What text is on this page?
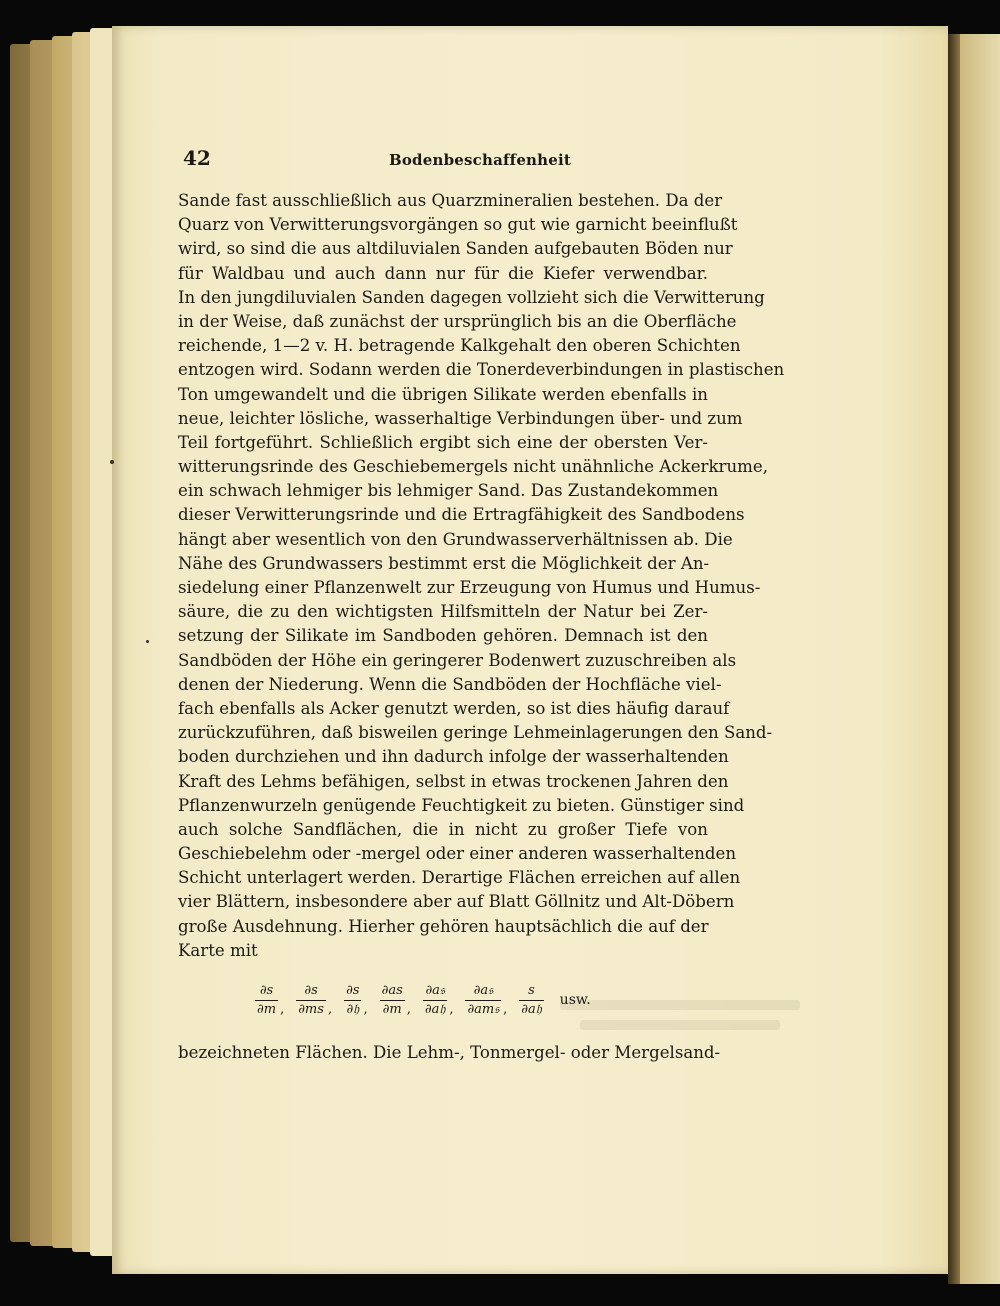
42	Bodenbeschaffenheit
Sande fast ausschließlich aus Quarzmineralien bestehen. Da der
Quarz von Verwitterungsvorgängen so gut wie garnicht beeinflußt
wird, so sind die aus altdiluvialen Sanden aufgebauten Böden nur
für Waldbau und auch dann nur für die Kiefer verwendbar.
In den jungdiluvialen Sanden dagegen vollzieht sich die Verwitterung
in der Weise, daß zunächst der ursprünglich bis an die Oberfläche
reichende, 1—2 v. H. betragende Kalkgehalt den oberen Schichten
entzogen wird. Sodann werden die Tonerdeverbindungen in plastischen
Ton umgewandelt und die übrigen Silikate werden ebenfalls in
neue, leichter lösliche, wasserhaltige Verbindungen über- und zum
Teil fortgeführt. Schließlich ergibt sich eine der obersten Ver-
witterungsrinde des Geschiebemergels nicht unähnliche Ackerkrume,
ein schwach lehmiger bis lehmiger Sand. Das Zustandekommen
dieser Verwitterungsrinde und die Ertragfähigkeit des Sandbodens
hängt aber wesentlich von den Grundwasserverhältnissen ab. Die
Nähe des Grundwassers bestimmt erst die Möglichkeit der An-
siedelung einer Pflanzenwelt zur Erzeugung von Humus und Humus-
säure, die zu den wichtigsten Hilfsmitteln der Natur bei Zer-
setzung der Silikate im Sandboden gehören. Demnach ist den
Sandböden der Höhe ein geringerer Bodenwert zuzuschreiben als
denen der Niederung. Wenn die Sandböden der Hochfläche viel-
fach ebenfalls als Acker genutzt werden, so ist dies häufig darauf
zurückzuführen, daß bisweilen geringe Lehmeinlagerungen den Sand-
boden durchziehen und ihn dadurch infolge der wasserhaltenden
Kraft des Lehms befähigen, selbst in etwas trockenen Jahren den
Pflanzenwurzeln genügende Feuchtigkeit zu bieten. Günstiger sind
auch solche Sandflächen, die in nicht zu großer Tiefe von
Geschiebelehm oder -mergel oder einer anderen wasserhaltenden
Schicht unterlagert werden. Derartige Flächen erreichen auf allen
vier Blättern, insbesondere aber auf Blatt Göllnitz und Alt-Döbern
große Ausdehnung. Hierher gehören hauptsächlich die auf der
Karte mit
$\frac{\partial s}{\partial m}$ , $\frac{\partial s}{\partial ms}$ , $\frac{\partial s}{\text{∂𝔥}}$ , $\frac{\partial as}{\partial m}$ , $\frac{\text{∂a𝔰}}{\text{∂a𝔥}}$ , $\frac{\text{∂a𝔰}}{\text{∂am𝔰}}$ , $\frac{s}{\text{∂a𝔥}}$ usw.
bezeichneten Flächen. Die Lehm-, Tonmergel- oder Mergelsand-
